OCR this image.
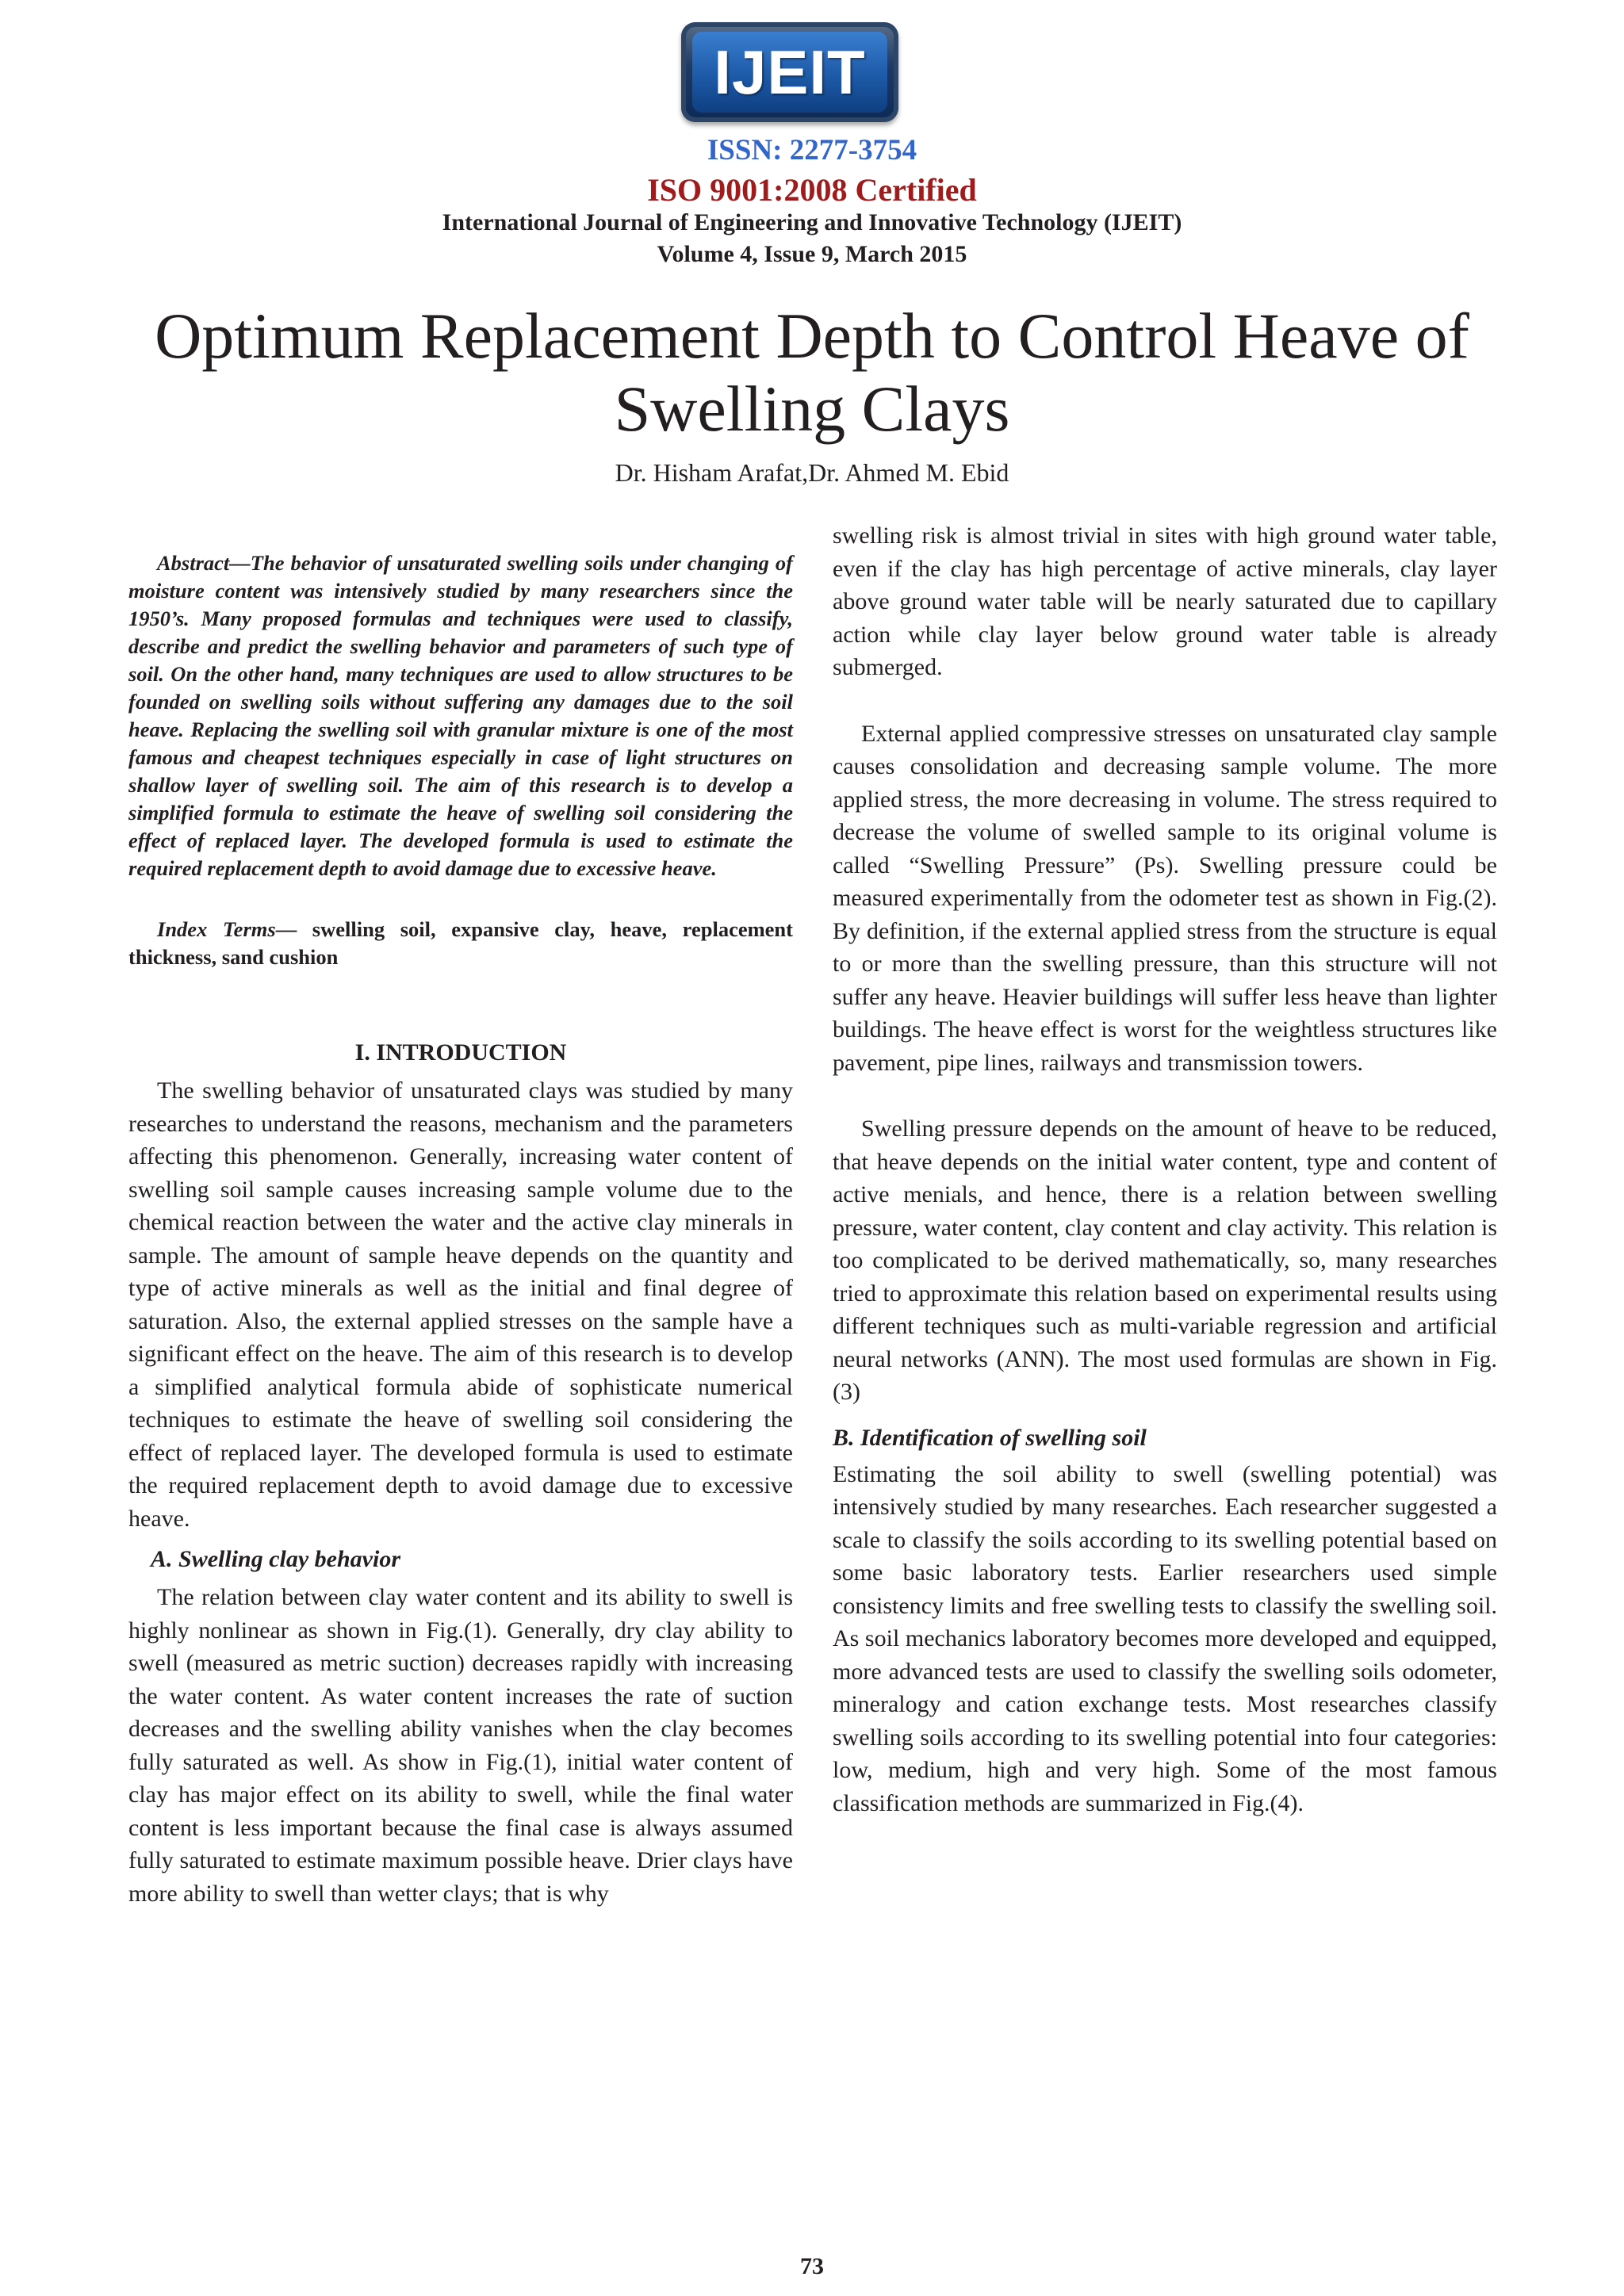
IJEIT

ISSN: 2277-3754

ISO 9001:2008 Certified

International Journal of Engineering and Innovative Technology (IJEIT)

Volume 4, Issue 9, March 2015

Optimum Replacement Depth to Control Heave of Swelling Clays

Dr. Hisham Arafat,Dr. Ahmed M. Ebid

Abstract—The behavior of unsaturated swelling soils under changing of moisture content was intensively studied by many researchers since the 1950’s. Many proposed formulas and techniques were used to classify, describe and predict the swelling behavior and parameters of such type of soil. On the other hand, many techniques are used to allow structures to be founded on swelling soils without suffering any damages due to the soil heave. Replacing the swelling soil with granular mixture is one of the most famous and cheapest techniques especially in case of light structures on shallow layer of swelling soil. The aim of this research is to develop a simplified formula to estimate the heave of swelling soil considering the effect of replaced layer. The developed formula is used to estimate the required replacement depth to avoid damage due to excessive heave.

Index Terms— swelling soil, expansive clay, heave, replacement thickness, sand cushion

I. INTRODUCTION

The swelling behavior of unsaturated clays was studied by many researches to understand the reasons, mechanism and the parameters affecting this phenomenon. Generally, increasing water content of swelling soil sample causes increasing sample volume due to the chemical reaction between the water and the active clay minerals in sample. The amount of sample heave depends on the quantity and type of active minerals as well as the initial and final degree of saturation. Also, the external applied stresses on the sample have a significant effect on the heave. The aim of this research is to develop a simplified analytical formula abide of sophisticate numerical techniques to estimate the heave of swelling soil considering the effect of replaced layer. The developed formula is used to estimate the required replacement depth to avoid damage due to excessive heave.

A. Swelling clay behavior

The relation between clay water content and its ability to swell is highly nonlinear as shown in Fig.(1). Generally, dry clay ability to swell (measured as metric suction) decreases rapidly with increasing the water content. As water content increases the rate of suction decreases and the swelling ability vanishes when the clay becomes fully saturated as well. As show in Fig.(1), initial water content of clay has major effect on its ability to swell, while the final water content is less important because the final case is always assumed fully saturated to estimate maximum possible heave. Drier clays have more ability to swell than wetter clays; that is why

swelling risk is almost trivial in sites with high ground water table, even if the clay has high percentage of active minerals, clay layer above ground water table will be nearly saturated due to capillary action while clay layer below ground water table is already submerged.

External applied compressive stresses on unsaturated clay sample causes consolidation and decreasing sample volume. The more applied stress, the more decreasing in volume. The stress required to decrease the volume of swelled sample to its original volume is called “Swelling Pressure” (Ps). Swelling pressure could be measured experimentally from the odometer test as shown in Fig.(2). By definition, if the external applied stress from the structure is equal to or more than the swelling pressure, than this structure will not suffer any heave. Heavier buildings will suffer less heave than lighter buildings. The heave effect is worst for the weightless structures like pavement, pipe lines, railways and transmission towers.

Swelling pressure depends on the amount of heave to be reduced, that heave depends on the initial water content, type and content of active menials, and hence, there is a relation between swelling pressure, water content, clay content and clay activity. This relation is too complicated to be derived mathematically, so, many researches tried to approximate this relation based on experimental results using different techniques such as multi-variable regression and artificial neural networks (ANN). The most used formulas are shown in Fig.(3)

B. Identification of swelling soil

Estimating the soil ability to swell (swelling potential) was intensively studied by many researches. Each researcher suggested a scale to classify the soils according to its swelling potential based on some basic laboratory tests. Earlier researchers used simple consistency limits and free swelling tests to classify the swelling soil. As soil mechanics laboratory becomes more developed and equipped, more advanced tests are used to classify the swelling soils odometer, mineralogy and cation exchange tests. Most researches classify swelling soils according to its swelling potential into four categories: low, medium, high and very high. Some of the most famous classification methods are summarized in Fig.(4).

73
